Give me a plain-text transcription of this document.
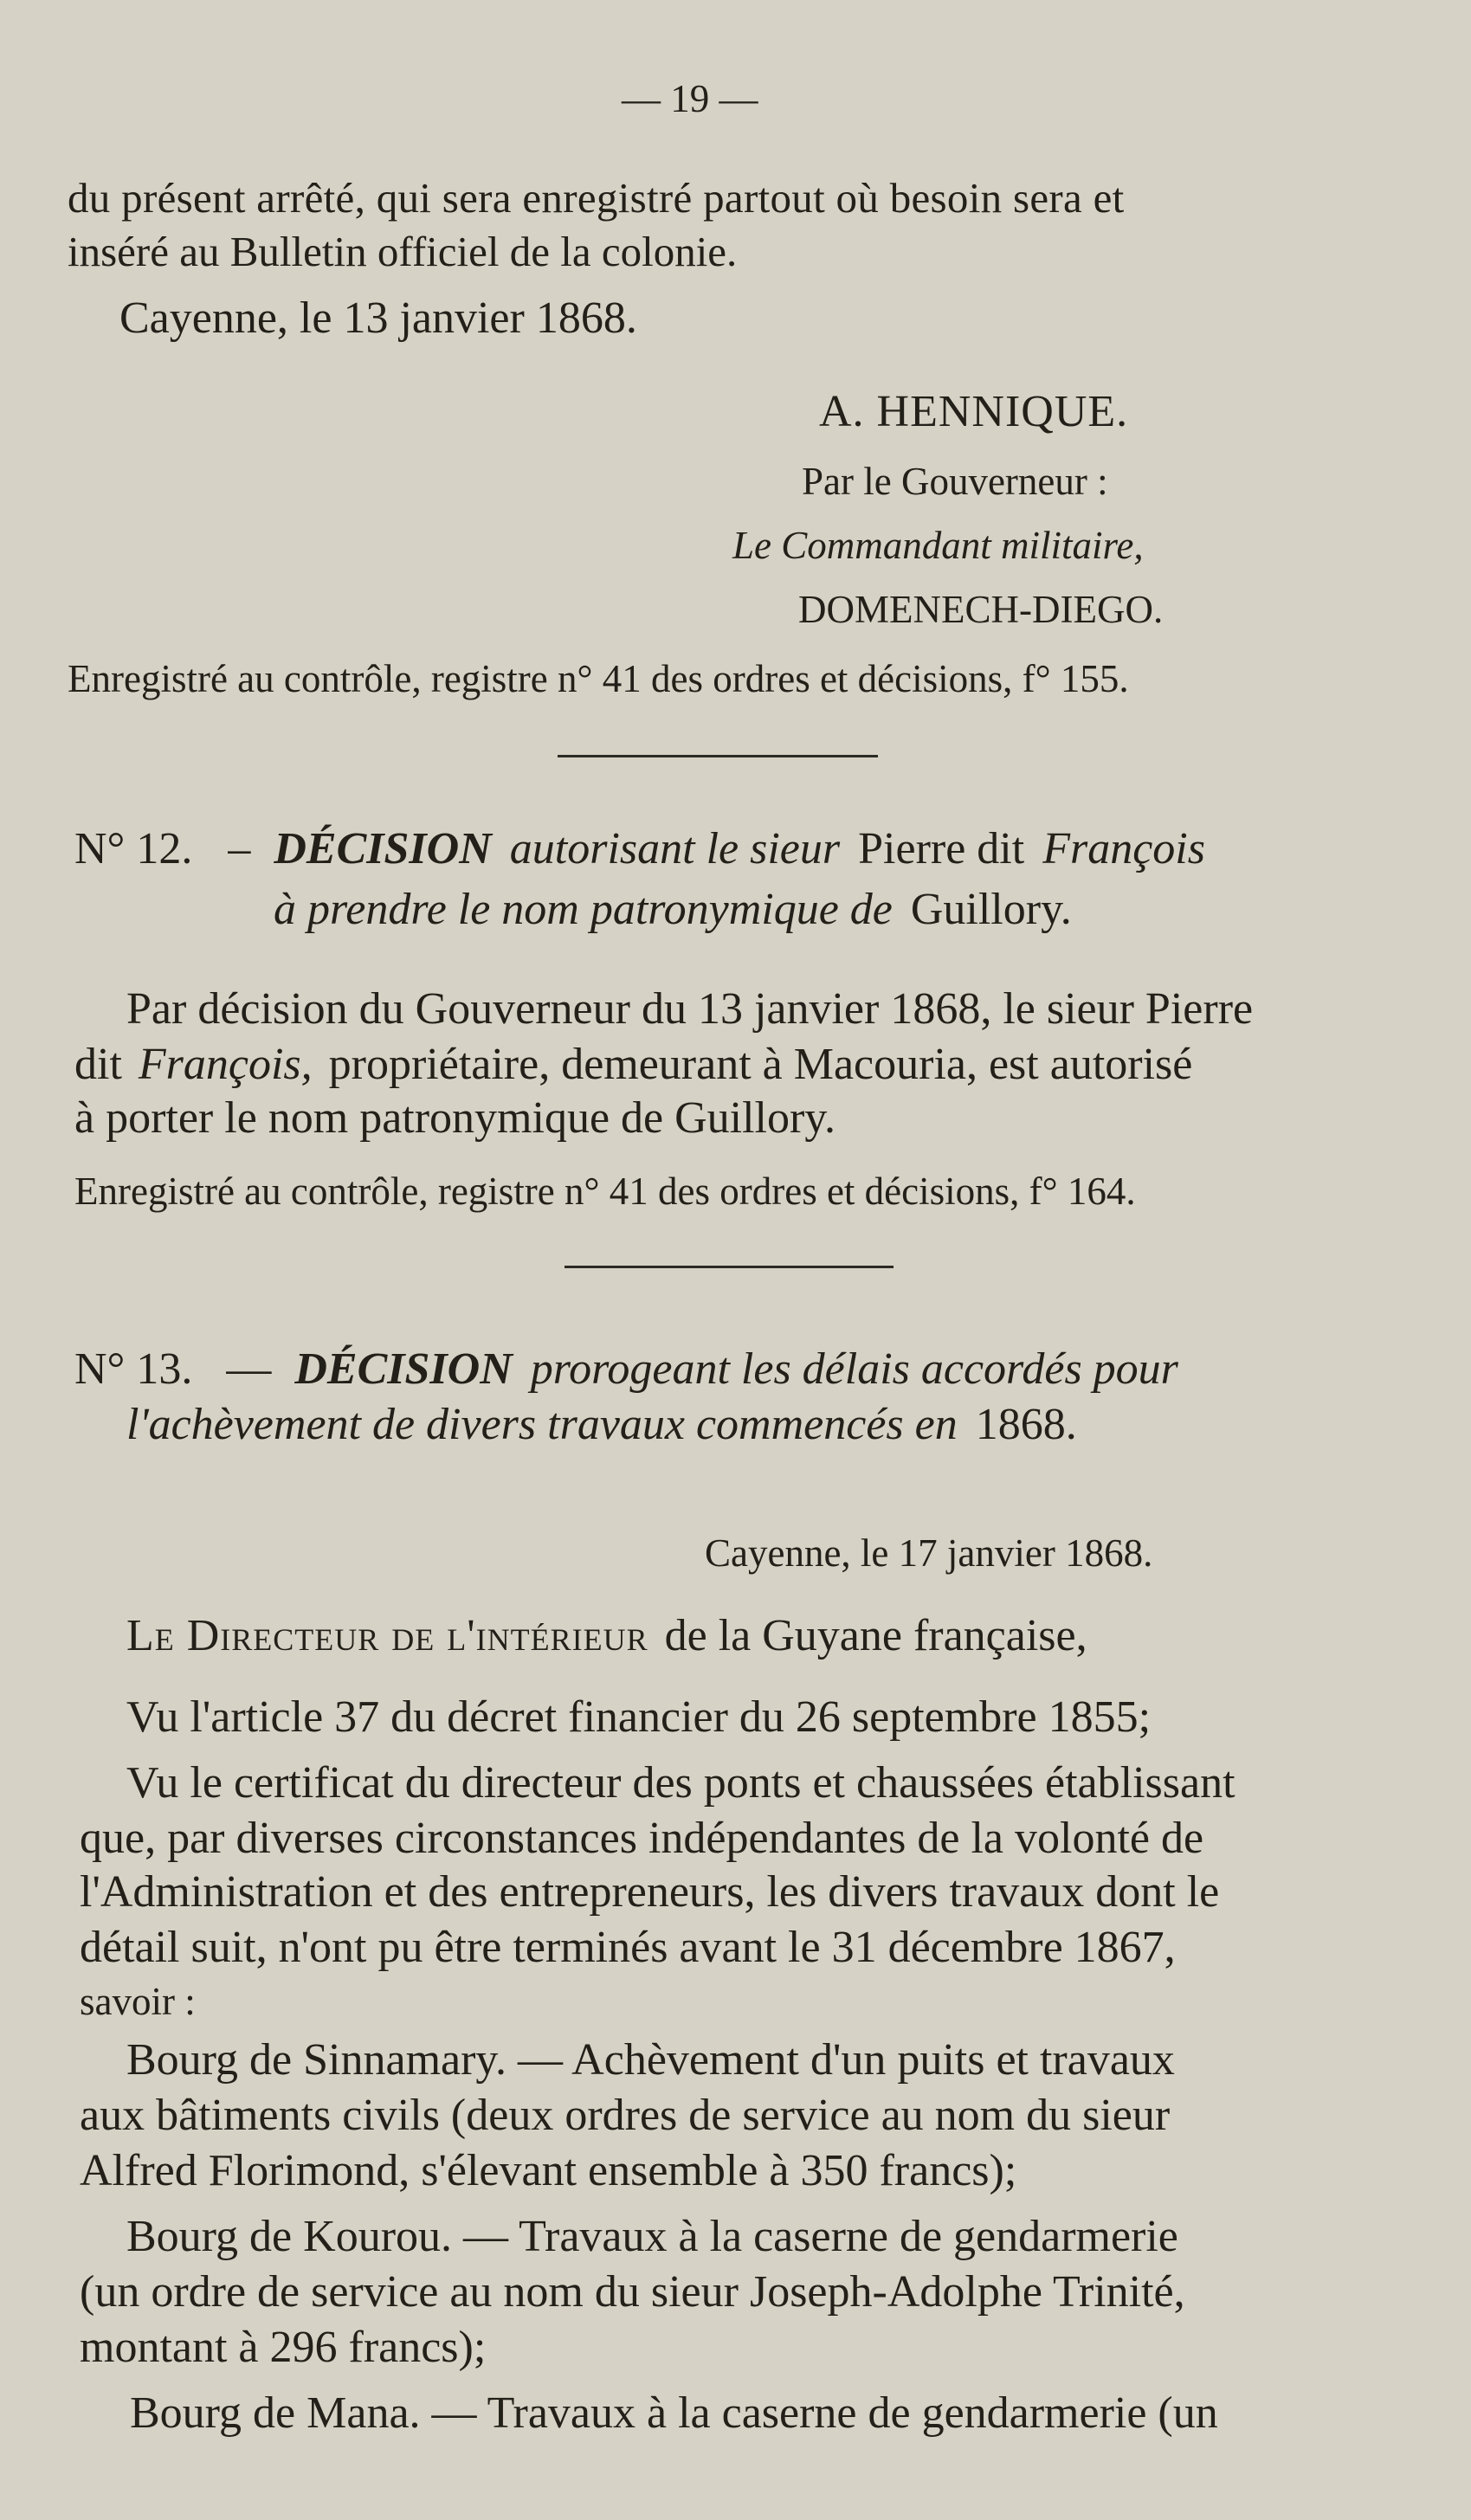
— 19 —
du présent arrêté, qui sera enregistré partout où besoin sera et
inséré au Bulletin officiel de la colonie.
Cayenne, le 13 janvier 1868.
A. HENNIQUE.
Par le Gouverneur :
Le Commandant militaire,
DOMENECH-DIEGO.
Enregistré au contrôle, registre n° 41 des ordres et décisions, f° 155.
N° 12. – DÉCISION autorisant le sieur Pierre dit François
à prendre le nom patronymique de Guillory.
Par décision du Gouverneur du 13 janvier 1868, le sieur Pierre
dit François, propriétaire, demeurant à Macouria, est autorisé
à porter le nom patronymique de Guillory.
Enregistré au contrôle, registre n° 41 des ordres et décisions, f° 164.
N° 13. — DÉCISION prorogeant les délais accordés pour
l'achèvement de divers travaux commencés en 1868.
Cayenne, le 17 janvier 1868.
Le Directeur de l'intérieur de la Guyane française,
Vu l'article 37 du décret financier du 26 septembre 1855;
Vu le certificat du directeur des ponts et chaussées établissant
que, par diverses circonstances indépendantes de la volonté de
l'Administration et des entrepreneurs, les divers travaux dont le
détail suit, n'ont pu être terminés avant le 31 décembre 1867,
savoir :
Bourg de Sinnamary. — Achèvement d'un puits et travaux
aux bâtiments civils (deux ordres de service au nom du sieur
Alfred Florimond, s'élevant ensemble à 350 francs);
Bourg de Kourou. — Travaux à la caserne de gendarmerie
(un ordre de service au nom du sieur Joseph-Adolphe Trinité,
montant à 296 francs);
Bourg de Mana. — Travaux à la caserne de gendarmerie (un
